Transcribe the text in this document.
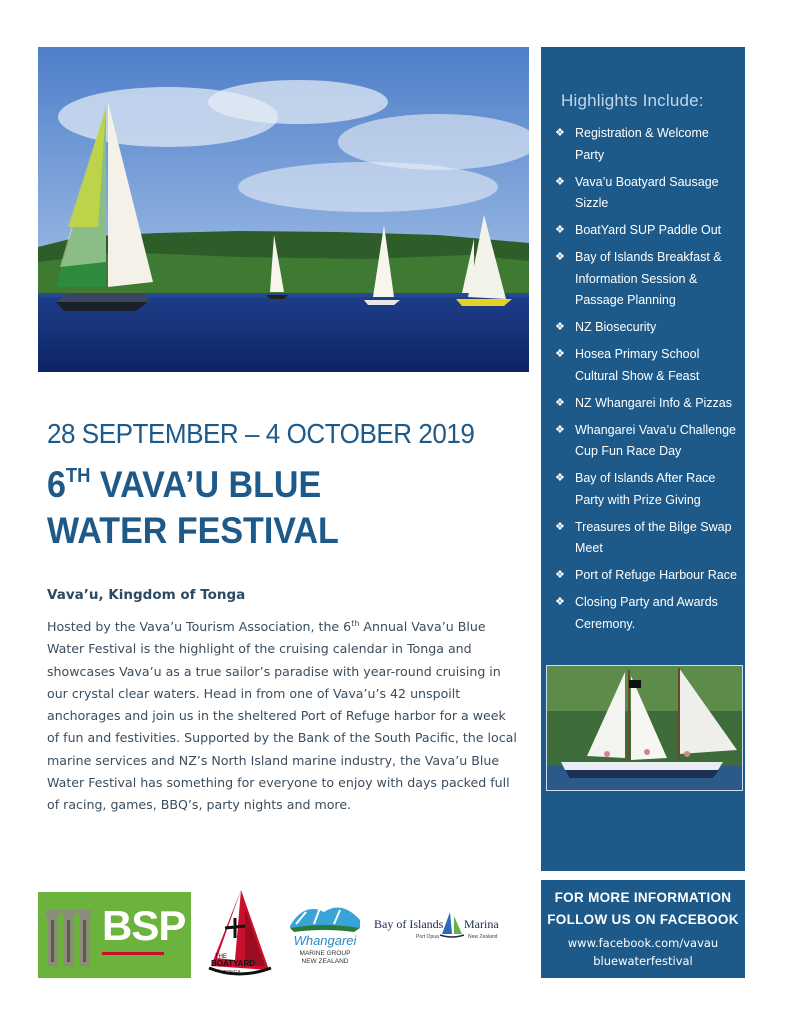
Highlights Include:
❖ Registration & Welcome Party
❖ Vava’u Boatyard Sausage Sizzle
❖ BoatYard SUP Paddle Out
❖ Bay of Islands Breakfast & Information Session & Passage Planning
❖ NZ Biosecurity
❖ Hosea Primary School Cultural Show & Feast
❖ NZ Whangarei Info & Pizzas
❖ Whangarei Vava’u Challenge Cup Fun Race Day
❖ Bay of Islands After Race Party with Prize Giving
❖ Treasures of the Bilge Swap Meet
❖ Port of Refuge Harbour Race
❖ Closing Party and Awards Ceremony.
FOR MORE INFORMATION
FOLLOW US ON FACEBOOK
www.facebook.com/vavau
bluewaterfestival
28 SEPTEMBER – 4 OCTOBER 2019
6TH VAVA’U BLUE
WATER FESTIVAL
Vava’u, Kingdom of Tonga

Hosted by the Vava’u Tourism Association, the 6th Annual Vava’u Blue Water Festival is the highlight of the cruising calendar in Tonga and showcases Vava’u as a true sailor’s paradise with year-round cruising in our crystal clear waters. Head in from one of Vava’u’s 42 unspoilt anchorages and join us in the sheltered Port of Refuge harbor for a week of fun and festivities. Supported by the Bank of the South Pacific, the local marine services and NZ’s North Island marine industry, the Vava’u Blue Water Festival has something for everyone to enjoy with days packed full of racing, games, BBQ’s, party nights and more.

BSP
THE
BOATYARD
TONGA
Whangarei
MARINE GROUP
NEW ZEALAND
Bay of Islands Marina
Port Opua	New Zealand
